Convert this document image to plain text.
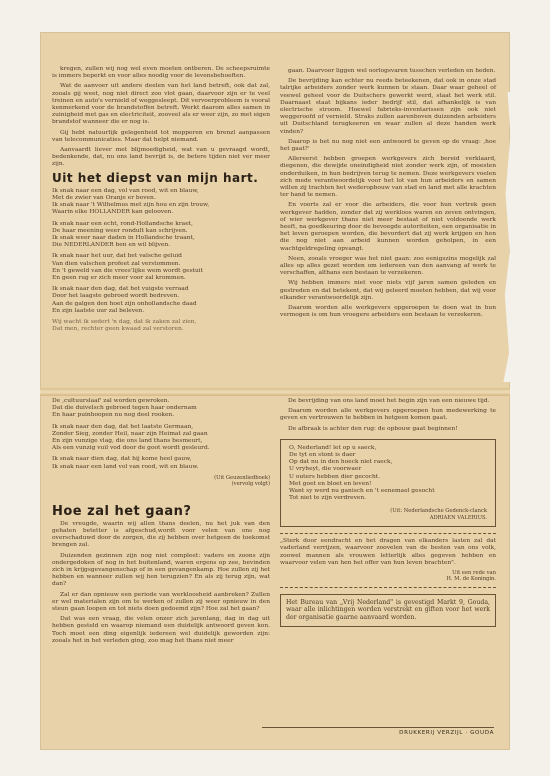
kregen, zullen wij nog wel even moeten ontberen. De scheepsruimte is immers beperkt en voor alles noodig voor de levensbehoeften.

Wat de aanvoer uit andere deelen van het land betreft, ook dat zal, zooals gij weet, nog niet direct zoo vlot gaan, daarvoor zijn er te veel treinen en auto's vernield of weggesleept. Dit vervoerprobleem is vooral kenmerkend voor de brandstoffen betreft. Werkt daarom alles samen in zuinigheid met gas en electriciteit, zooveel als er weer zijn, zo met eigen brandstof wanneer die er nog is.

Gij hebt natuurlijk gelegenheid tot mopperen en brenzl aanpassen van telecommunicaties. Maar dat helpt niemand.

Aanvaardt liever met blijmoedigheid, wat van u gevraagd wordt, bedenkende, dat, nu ons land bevrijd is, de betere tijden niet ver meer zijn.

Uit het diepst van mijn hart.
Ik snak naar een dag, vol van rood, wit en blauw,
Met de zwier van Oranje er boven.
Ik snak naar 't Wilhelmus met zijn hou en zijn trouw,
Waarin elke HOLLANDER kan gelooven.
Ik snak naar een echt, rond-Hollandsche kraet,
De haar meening weer rondult kan schrijven.
Ik snak weer naar daden in Hollandsche traant,
Die NEDERLANDER ben en wil blijven.
Ik snak naar het uur, dat het valsche geluid
Van dien valschen profeet zal verstommen.
En 't geweld van die vrees'lijke wem wordt gestuit
En geen rug er zich meer voor zal krommen.
Ik snak naar den dag, dat het vuigste verraad
Door het laagste gebroed wordt bedreven.
Aan de galgen den hoet zijn onhollandsche daad
En zijn laatste uur zal beleven.
Wij wacht ik sedert 'n dag, dat ik zaken zal zien,
Dat men, rechter geen kwaad zal verstoren.

gaan. Daarvoor liggen wel oorlogsvaren tusschen verleden en heden.

De bevrijding kan echter nu reeds beteekenen, dat ook in onze stad talrijke arbeiders zonder werk kunnen te staan. Daar waar geheel of veewel geheel voor de Duitschers gewerkt werd, staat het werk stil. Daarnaast staat bijkans ieder bedrijf stil, dat afhankelijk is van electrische stroom. Hoewel fabrieks-inventarissen zijn ook niet weggeroofd of vernield. Straks zullen aarenboven duizenden arbeiders uit Duitschland terugkeeren en waar zullen al deze handen werk vinden?

Daarop is het nu nog niet een antwoord te geven op de vraag: ‚hoe het gaat?'

Allereerst hebben groepen werkgevers zich bereid verklaard, diegenen, die dewijde oneindigheid niet zonder werk zijn, of moesten onderduiken, in hun bedrijven terug te nemen. Deze werkgevers voelen zich mede verantwoordelijk voor het lot van hun arbeiders en samen willen zij trachten het wederopbouw van stad en land met alle krachten ter hand te nemen.

En voorts zal er voor die arbeiders, die voor hun vertrek geen werkgever hadden, zonder dat zij werkloos waren en zeven ontvingen, of wier werkgever thans niet meer bestaat of niet voldoende werk heeft, na goedkeuring door de bevoegde autoriteiten, een organisatie in het leven geroepen worden, die bevordert dat zij werk krijgen en hen die nog niet aan arbeid kunnen worden geholpen, in een wachtgeldregeling opvangt.

Neen, zooals vroeger was het niet gaan: zoo eenigszins mogelijk zal alles op alles gezet worden om iedereen van den aanvang af werk te verschaffen, althans een bestaan te verzekeren.

Wij hebben immers niet voor niets vijf jaren samen geleden en gestreden en dat betekent, dat wij geleerd moeten hebben, dat wij voor elkander verantwoordelijk zijn.

Daarom worden alle werkgevers opgeroepen te doen wat in hun vermogen is om hun vroegere arbeiders een bestaan te verzekeren.

De ‚cultuurslaaf' zal worden gewroken.
Dat die duivelsch gebroed tegen haar ondernam
En haar puinhoopen nu nog deel rooken.
Ik snak naar den dag, dat het laatste Germaan,
Zonder Sieg, zonder Heil, naar zijn Heimat zal gaan
En zijn vunzige vlag, die ons land thans besmeurt,
Als een vunzig vuil vod door de goot wordt gesleurd.
Ik snak naar dien dag, dat hij kome heel gauw,
Ik snak naar een land vol van rood, wit en blauw.
(Uit Geuzenliedboek)
(vervolg volgt)
Hoe zal het gaan?

De vreugde, waarin wij allen thans deelen, nu het juk van den gehaten betetter is afgeschud,wordt voor velen van ons nog overschaduwd door de zorgen, die zij hebben over hetgeen de toekomst brengen zal.

Duizenden gezinnen zijn nog niet compleet: vaders en zoons zijn ondergedoken of nog in het buitenland, waren ergens op zee, bevinden zich in krijgsgevangenschap of in een gevangenkamp. Hoe zullen zij het hebben en wanneer zullen wij hen terugzien? En als zij terug zijn, wat dan?

Zal er dan opnieuw een periode van werkloosheid aanbreken? Zullen er wel materialen zijn om te werken of zullen zij weer opnieuw in den steun gaan loopen en tot niets doen gedoemd zijn? Hoe zal het gaan?

Dat was een vraag, die velen onzer zich jarenlang, dag in dag uit hebben gesteld en waarop niemand een duidelijk antwoord geven kon. Toch moet een ding eigenlijk iedereen wel duidelijk geworden zijn: zooals het in het verleden ging, zoo mag het thans niet meer

De bevrijding van ons land moet het begin zijn van een nieuwe tijd.

Daarom worden alle werkgevers opgeroepen hun medewerking te geven en vertrouwen te hebben in hetgeen komen gaat.

De afbraak is achter den rug: de opbouw gaat beginnen!

O, Nederland! let op u saeck,
De tyt en stont is daer
Op dat nu in den hoeck niet raeck,
U vryheyt, die voorwaer
U outers hebben dier gecocht.
Met goet en bloet en leven!
Want sy werd nu ganisch en 't eenemael gesocht
Tot niet te zijn verdreven.
(Uit: Nederlandsche Gedenck-clanck
ADRIAEN VALERIUS.

„Sterk door eendracht en het dragen van elkanders lasten zal dat vaderland verrijzen, waarvoor zoovelen van de besten van ons volk, zoowel mannen als vrouwen letterlijk alles gegeven hebben en waarvoor velen van hen het offer van hun leven brachten".

Uit een rede van
H. M. de Koningin.
Het Bureau van „Vrij Nederland" is gevestigd Markt 9, Gouda, waar alle inlichtingen worden verstrekt en giften voor het werk der organisatie gaarne aanvaard worden.
DRUKKERIJ VERZIJL · GOUDA
